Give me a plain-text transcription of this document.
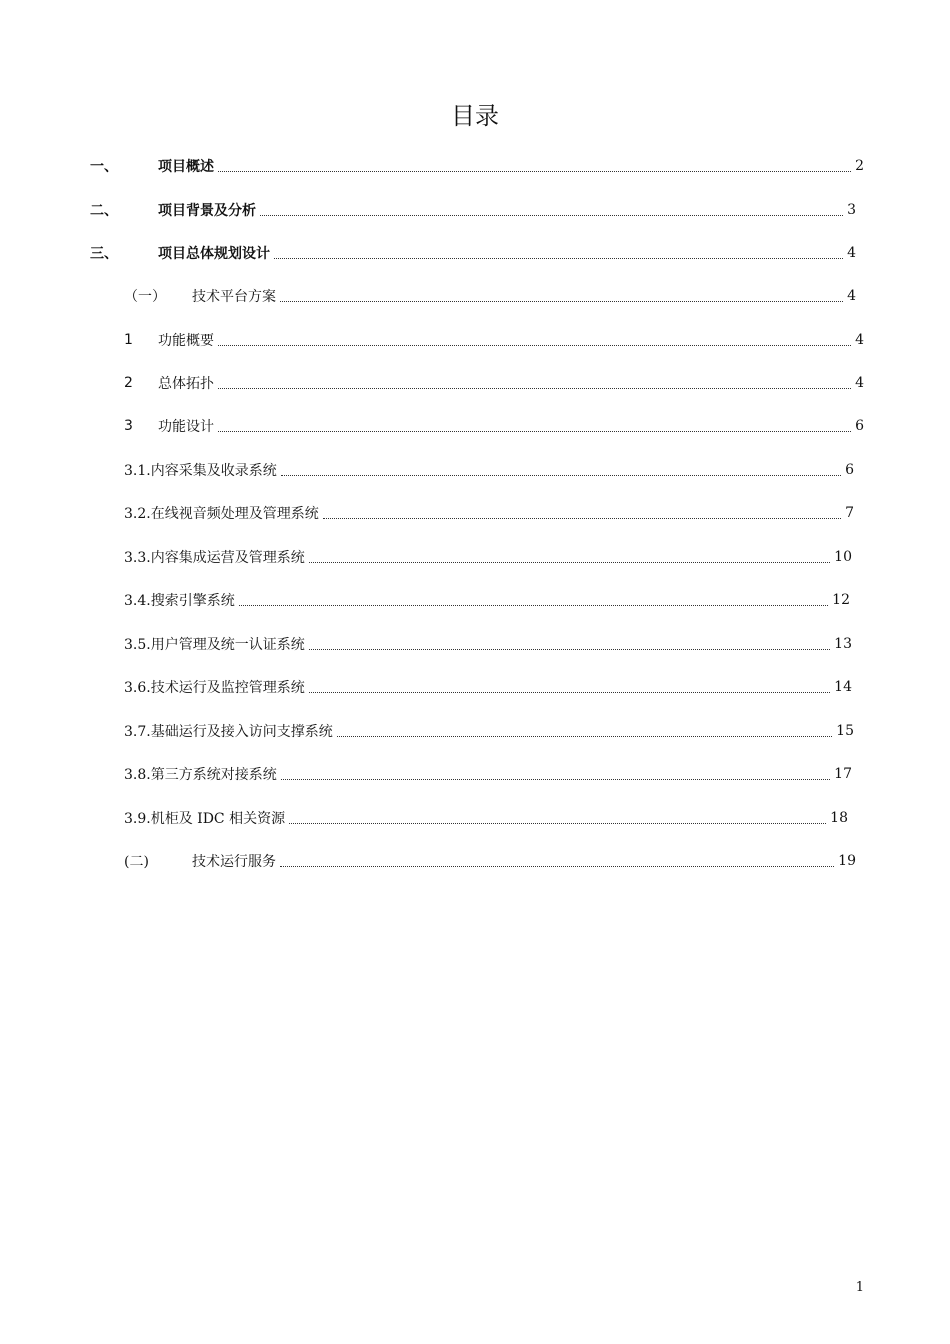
目录
一、	项目概述	2
二、	项目背景及分析	3
三、	项目总体规划设计	4
（一）	技术平台方案	4
1	功能概要	4
2	总体拓扑	4
3	功能设计	6
3.1.内容采集及收录系统	6
3.2.在线视音频处理及管理系统	7
3.3.内容集成运营及管理系统	10
3.4.搜索引擎系统	12
3.5.用户管理及统一认证系统	13
3.6.技术运行及监控管理系统	14
3.7.基础运行及接入访问支撑系统	15
3.8.第三方系统对接系统	17
3.9.机柜及 IDC 相关资源	18
(二)	技术运行服务	19
1
